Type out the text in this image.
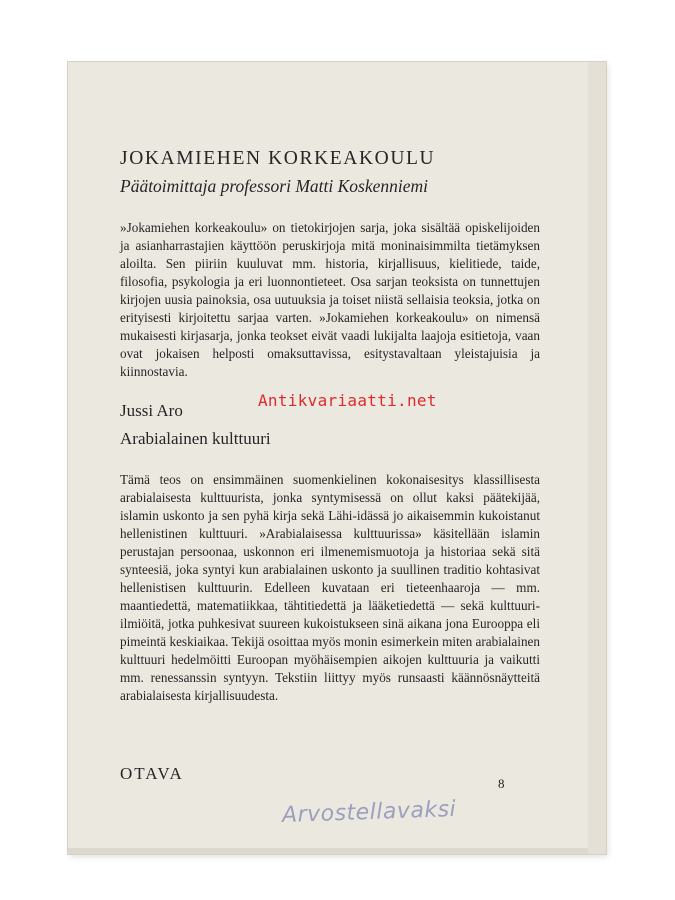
JOKAMIEHEN KORKEAKOULU
Päätoimittaja professori Matti Koskenniemi

»Jokamiehen korkeakoulu» on tietokirjojen sarja, joka sisältää opiskelijoiden ja asianharrastajien käyttöön peruskirjoja mitä moninaisimmilta tietämyksen aloilta. Sen piiriin kuuluvat mm. historia, kirjallisuus, kielitiede, taide, filosofia, psykologia ja eri luonnontieteet. Osa sarjan teoksista on tunnettujen kirjojen uusia painoksia, osa uutuuksia ja toiset niistä sellaisia teoksia, jotka on erityisesti kirjoitettu sarjaa varten. »Jokamiehen korkeakoulu» on nimensä mukaisesti kirjasarja, jonka teokset eivät vaadi lukijalta laajoja esitietoja, vaan ovat jokaisen helposti omaksuttavissa, esitystavaltaan yleistajuisia ja kiinnostavia.

Jussi Aro
Arabialainen kulttuuri

Tämä teos on ensimmäinen suomenkielinen kokonaisesitys klassillisesta arabialaisesta kulttuurista, jonka syntymisessä on ollut kaksi päätekijää, islamin uskonto ja sen pyhä kirja sekä Lähi-idässä jo aikaisemmin kukoistanut hellenistinen kulttuuri. »Arabialaisessa kulttuurissa» käsitellään islamin perustajan persoonaa, uskonnon eri ilmenemismuotoja ja historiaa sekä sitä synteesiä, joka syntyi kun arabialainen uskonto ja suullinen traditio kohtasivat hellenistisen kulttuurin. Edelleen kuvataan eri tieteenhaaroja — mm. maantiedettä, matematiikkaa, tähtitiedettä ja lääketiedettä — sekä kulttuuri-ilmiöitä, jotka puhkesivat suureen kukoistukseen sinä aikana jona Eurooppa eli pimeintä keskiaikaa. Tekijä osoittaa myös monin esimerkein miten arabialainen kulttuuri hedelmöitti Euroopan myöhäisempien aikojen kulttuuria ja vaikutti mm. renessanssin syntyyn. Tekstiin liittyy myös runsaasti käännösnäytteitä arabialaisesta kirjallisuudesta.

OTAVA
8
Arvostellavaksi
Antikvariaatti.net
